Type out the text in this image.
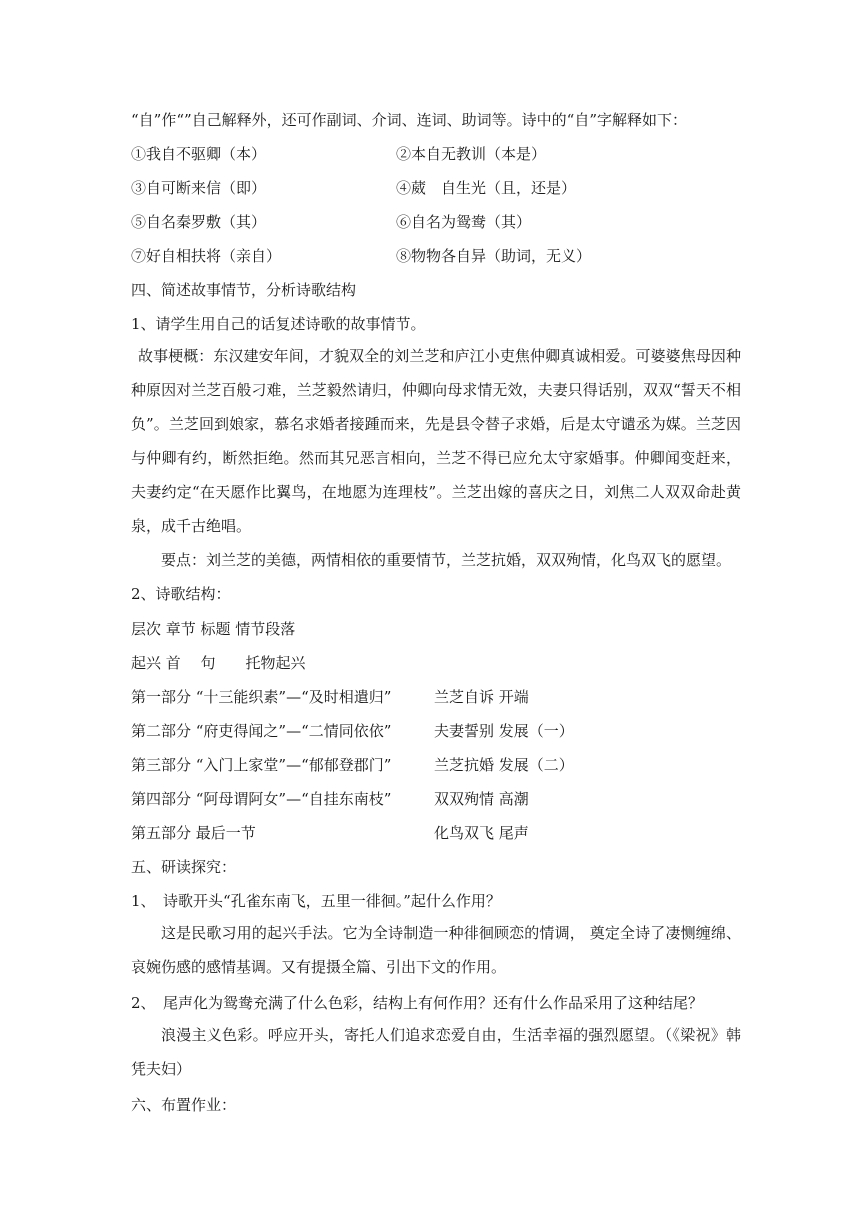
“自”作“”自己解释外，还可作副词、介词、连词、助词等。诗中的“自”字解释如下：
①我自不驱卿（本）	②本自无教训（本是）
③自可断来信（即）	④葳　自生光（且，还是）
⑤自名秦罗敷（其）	⑥自名为鸳鸯（其）
⑦好自相扶将（亲自）	⑧物物各自异（助词，无义）
四、简述故事情节，分析诗歌结构
1、请学生用自己的话复述诗歌的故事情节。
故事梗概：东汉建安年间，才貌双全的刘兰芝和庐江小吏焦仲卿真诚相爱。可婆婆焦母因种种原因对兰芝百般刁难，兰芝毅然请归，仲卿向母求情无效，夫妻只得话别，双双“誓天不相负”。兰芝回到娘家，慕名求婚者接踵而来，先是县令替子求婚，后是太守谴丞为媒。兰芝因与仲卿有约，断然拒绝。然而其兄恶言相向，兰芝不得已应允太守家婚事。仲卿闻变赶来，夫妻约定“在天愿作比翼鸟，在地愿为连理枝”。兰芝出嫁的喜庆之日，刘焦二人双双命赴黄泉，成千古绝唱。
要点：刘兰芝的美德，两情相依的重要情节，兰芝抗婚，双双殉情，化鸟双飞的愿望。
2、诗歌结构：
层次 章节 标题 情节段落
起兴 首　 句　　托物起兴
第一部分 “十三能织素”—“及时相遣归”	兰芝自诉 开端
第二部分 “府吏得闻之”—“二情同依依”	夫妻誓别 发展（一）
第三部分 “入门上家堂”—“郁郁登郡门”	兰芝抗婚 发展（二）
第四部分 “阿母谓阿女”—“自挂东南枝”	双双殉情 高潮
第五部分 最后一节	化鸟双飞 尾声
五、研读探究：
1、　诗歌开头“孔雀东南飞，五里一徘徊。”起什么作用？
这是民歌习用的起兴手法。它为全诗制造一种徘徊顾恋的情调， 奠定全诗了凄恻缠绵、哀婉伤感的感情基调。又有提摄全篇、引出下文的作用。
2、　尾声化为鸳鸯充满了什么色彩，结构上有何作用？还有什么作品采用了这种结尾？
浪漫主义色彩。呼应开头，寄托人们追求恋爱自由，生活幸福的强烈愿望。（《梁祝》韩凭夫妇）
六、布置作业：
